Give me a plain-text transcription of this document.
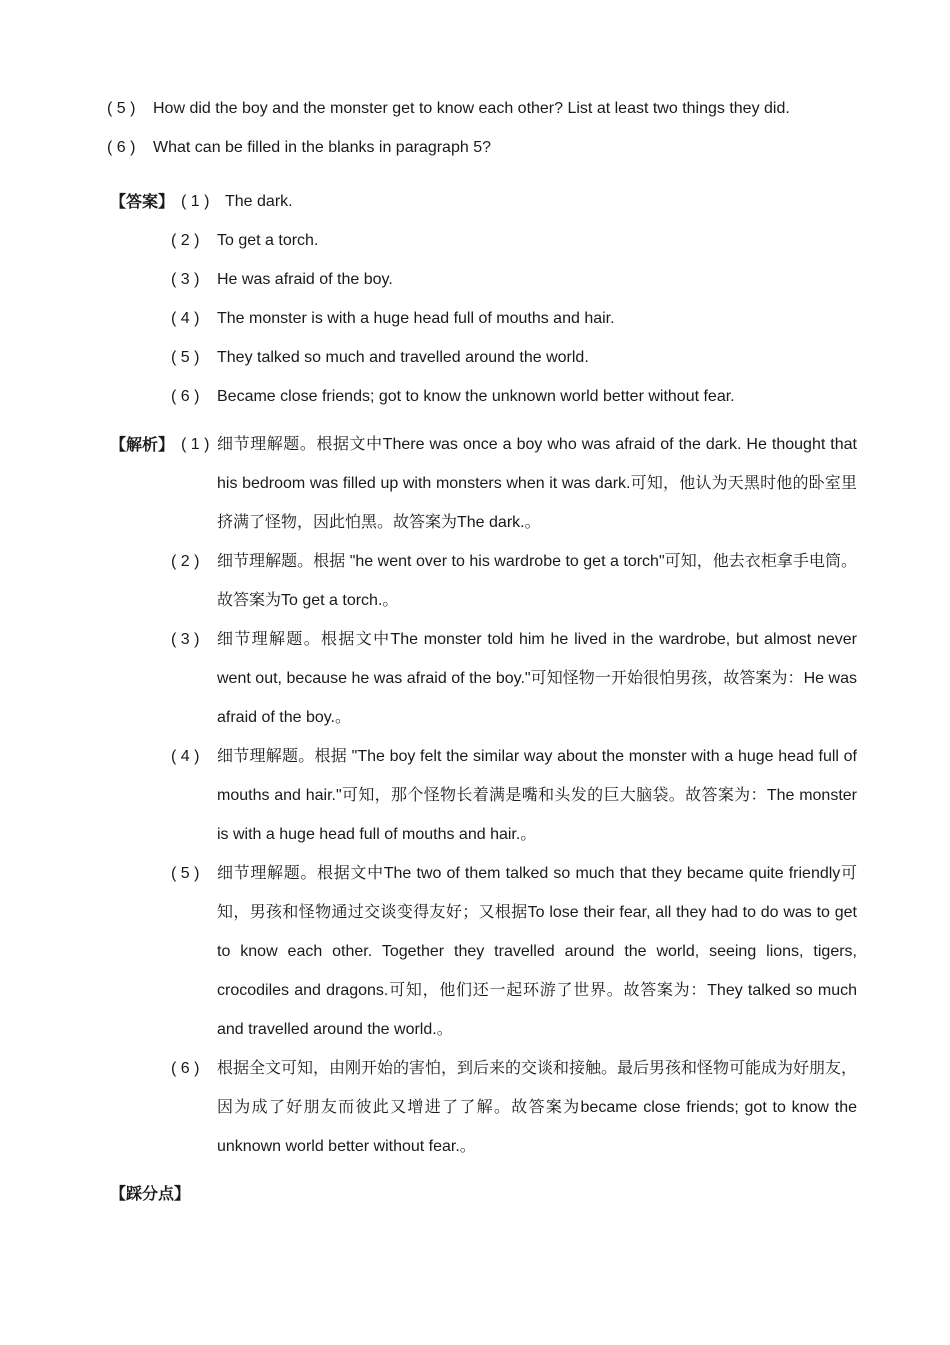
( 5 ) How did the boy and the monster get to know each other? List at least two things they did.
( 6 ) What can be filled in the blanks in paragraph 5?
【答案】 ( 1 ) The dark.
( 2 )	To get a torch.
( 3 )	He was afraid of the boy.
( 4 )	The monster is with a huge head full of mouths and hair.
( 5 )	They talked so much and travelled around the world.
( 6 )	Became close friends; got to know the unknown world better without fear.
【解析】 ( 1 ) 细节理解题。根据文中There was once a boy who was afraid of the dark. He thought that his bedroom was filled up with monsters when it was dark.可知，他认为天黑时他的卧室里挤满了怪物，因此怕黑。故答案为The dark.。
( 2 )	细节理解题。根据 "he went over to his wardrobe to get a torch"可知，他去衣柜拿手电筒。故答案为To get a torch.。
( 3 )	细节理解题。根据文中The monster told him he lived in the wardrobe, but almost never went out, because he was afraid of the boy."可知怪物一开始很怕男孩，故答案为：He was afraid of the boy.。
( 4 )	细节理解题。根据 "The boy felt the similar way about the monster with a huge head full of mouths and hair."可知，那个怪物长着满是嘴和头发的巨大脑袋。故答案为：The monster is with a huge head full of mouths and hair.。
( 5 )	细节理解题。根据文中The two of them talked so much that they became quite friendly可知，男孩和怪物通过交谈变得友好；又根据To lose their fear, all they had to do was to get to know each other. Together they travelled around the world, seeing lions, tigers, crocodiles and dragons.可知，他们还一起环游了世界。故答案为：They talked so much and travelled around the world.。
( 6 )	根据全文可知，由刚开始的害怕，到后来的交谈和接触。最后男孩和怪物可能成为好朋友，因为成了好朋友而彼此又增进了了解。故答案为became close friends; got to know the unknown world better without fear.。
【踩分点】
